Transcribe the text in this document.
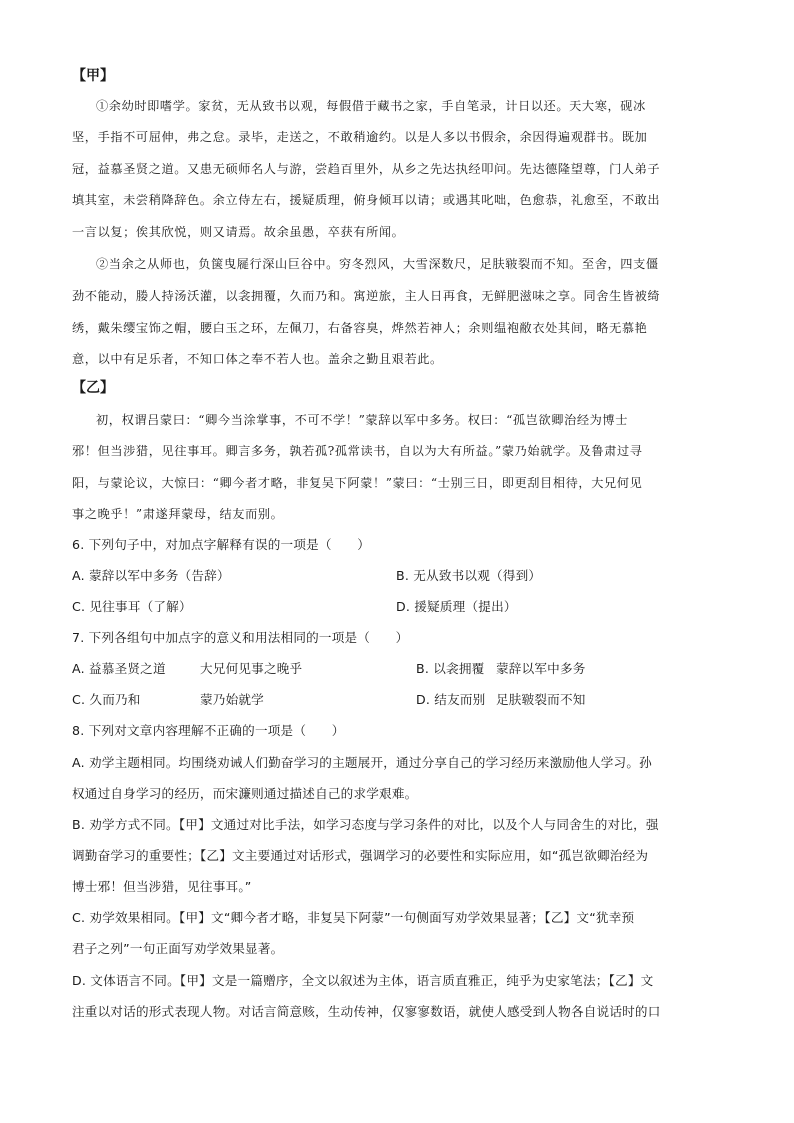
【甲】
①余幼时即嗜学。家贫，无从致书以观，每假借于藏书之家，手自笔录，计日以还。天大寒，砚冰
坚，手指不可屈伸，弗之怠。录毕，走送之，不敢稍逾约。以是人多以书假余，余因得遍观群书。既加
冠，益慕圣贤之道。又患无硕师名人与游，尝趋百里外，从乡之先达执经叩问。先达德隆望尊，门人弟子
填其室，未尝稍降辞色。余立侍左右，援疑质理，俯身倾耳以请；或遇其叱咄，色愈恭，礼愈至，不敢出
一言以复；俟其欣悦，则又请焉。故余虽愚，卒获有所闻。
②当余之从师也，负箧曳屣行深山巨谷中。穷冬烈风，大雪深数尺，足肤皲裂而不知。至舍，四支僵
劲不能动，媵人持汤沃灌，以衾拥覆，久而乃和。寓逆旅，主人日再食，无鲜肥滋味之享。同舍生皆被绮
绣，戴朱缨宝饰之帽，腰白玉之环，左佩刀，右备容臭，烨然若神人；余则缊袍敝衣处其间，略无慕艳
意，以中有足乐者，不知口体之奉不若人也。盖余之勤且艰若此。
【乙】
初，权谓吕蒙曰：“卿今当涂掌事，不可不学！”蒙辞以军中多务。权曰：“孤岂欲卿治经为博士
邪！但当涉猎，见往事耳。卿言多务，孰若孤?孤常读书，自以为大有所益。”蒙乃始就学。及鲁肃过寻
阳，与蒙论议，大惊曰：“卿今者才略，非复吴下阿蒙！”蒙曰：“士别三日，即更刮目相待，大兄何见
事之晚乎！”肃遂拜蒙母，结友而别。
6. 下列句子中，对加点字解释有误的一项是（　　）
A. 蒙辞以军中多务（告辞）	B. 无从致书以观（得到）
C. 见往事耳（了解）	D. 援疑质理（提出）
7. 下列各组句中加点字的意义和用法相同的一项是（　　）
A. 益慕圣贤之道	大兄何见事之晚乎	B. 以衾拥覆 蒙辞以军中多务
C. 久而乃和	蒙乃始就学	D. 结友而别 足肤皲裂而不知
8. 下列对文章内容理解不正确的一项是（　　）
A. 劝学主题相同。均围绕劝诫人们勤奋学习的主题展开，通过分享自己的学习经历来激励他人学习。孙
权通过自身学习的经历，而宋濂则通过描述自己的求学艰难。
B. 劝学方式不同。【甲】文通过对比手法，如学习态度与学习条件的对比，以及个人与同舍生的对比，强
调勤奋学习的重要性；【乙】文主要通过对话形式，强调学习的必要性和实际应用，如“孤岂欲卿治经为
博士邪！但当涉猎，见往事耳。”
C. 劝学效果相同。【甲】文“卿今者才略，非复吴下阿蒙”一句侧面写劝学效果显著；【乙】文“犹幸预
君子之列”一句正面写劝学效果显著。
D. 文体语言不同。【甲】文是一篇赠序，全文以叙述为主体，语言质直雅正，纯乎为史家笔法；【乙】文
注重以对话的形式表现人物。对话言简意赅，生动传神，仅寥寥数语，就使人感受到人物各自说话时的口
